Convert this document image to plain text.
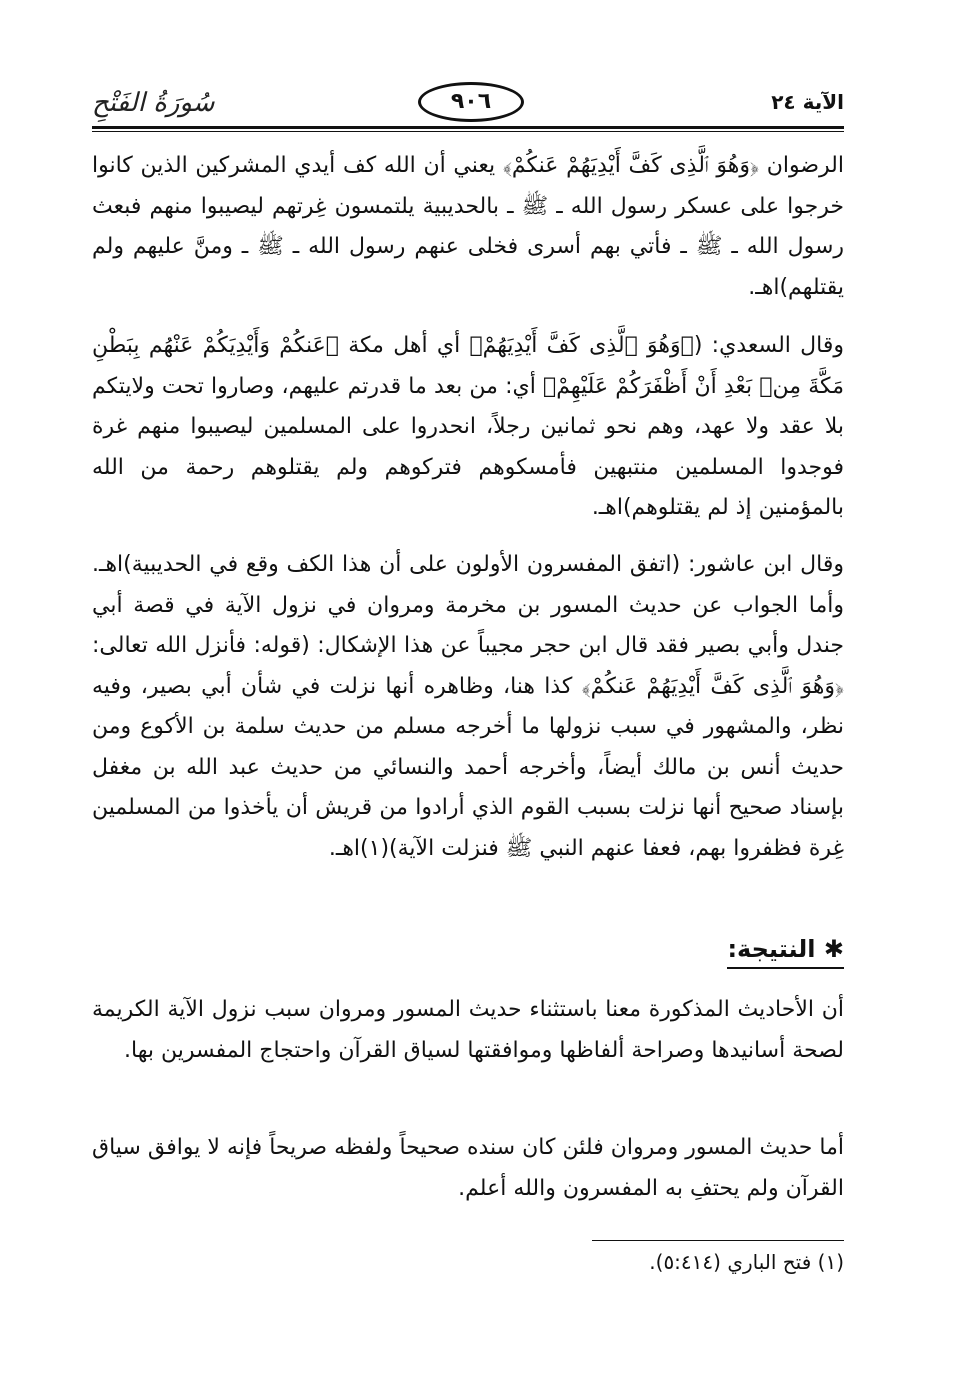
سُورَةُ الفَتْحِ	٩٠٦	الآية ٢٤

الرضوان ﴿وَهُوَ ٱلَّذِى كَفَّ أَيْدِيَهُمْ عَنكُمْ﴾ يعني أن الله كف أيدي المشركين الذين كانوا خرجوا على عسكر رسول الله ـ ﷺ ـ بالحديبية يلتمسون غِرتهم ليصيبوا منهم فبعث رسول الله ـ ﷺ ـ فأتي بهم أسرى فخلى عنهم رسول الله ـ ﷺ ـ ومنَّ عليهم ولم يقتلهم)اهـ.

وقال السعدي: (﴿وَهُوَ ٱلَّذِى كَفَّ أَيْدِيَهُمْ﴾ أي أهل مكة ﴿عَنكُمْ وَأَيْدِيَكُمْ عَنْهُم بِبَطْنِ مَكَّةَ مِنۢ بَعْدِ أَنْ أَظْفَرَكُمْ عَلَيْهِمْ﴾ أي: من بعد ما قدرتم عليهم، وصاروا تحت ولايتكم بلا عقد ولا عهد، وهم نحو ثمانين رجلاً، انحدروا على المسلمين ليصيبوا منهم غرة فوجدوا المسلمين منتبهين فأمسكوهم فتركوهم ولم يقتلوهم رحمة من الله بالمؤمنين إذ لم يقتلوهم)اهـ.

وقال ابن عاشور: (اتفق المفسرون الأولون على أن هذا الكف وقع في الحديبية)اهـ. وأما الجواب عن حديث المسور بن مخرمة ومروان في نزول الآية في قصة أبي جندل وأبي بصير فقد قال ابن حجر مجيباً عن هذا الإشكال: (قوله: فأنزل الله تعالى: ﴿وَهُوَ ٱلَّذِى كَفَّ أَيْدِيَهُمْ عَنكُمْ﴾ كذا هنا، وظاهره أنها نزلت في شأن أبي بصير، وفيه نظر، والمشهور في سبب نزولها ما أخرجه مسلم من حديث سلمة بن الأكوع ومن حديث أنس بن مالك أيضاً، وأخرجه أحمد والنسائي من حديث عبد الله بن مغفل بإسناد صحيح أنها نزلت بسبب القوم الذي أرادوا من قريش أن يأخذوا من المسلمين غِرة فظفروا بهم، فعفا عنهم النبي ﷺ فنزلت الآية)(١)اهـ.

✱ النتيجة:

أن الأحاديث المذكورة معنا باستثناء حديث المسور ومروان سبب نزول الآية الكريمة لصحة أسانيدها وصراحة ألفاظها وموافقتها لسياق القرآن واحتجاج المفسرين بها.

أما حديث المسور ومروان فلئن كان سنده صحيحاً ولفظه صريحاً فإنه لا يوافق سياق القرآن ولم يحتفِ به المفسرون والله أعلم.

(١) فتح الباري (٥:٤١٤).
